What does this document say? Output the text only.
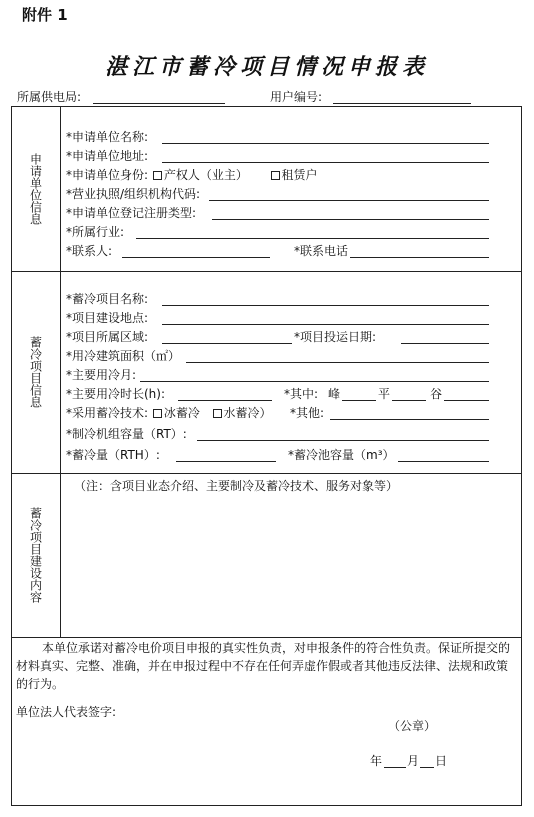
附件 1
湛江市蓄冷项目情况申报表
所属供电局:	用户编号:
申请单位信息
蓄冷项目信息
蓄冷项目建设内容
*申请单位名称:
*申请单位地址:
*申请单位身份: 产权人（业主）	租赁户
*营业执照/组织机构代码:
*申请单位登记注册类型:
*所属行业:
*联系人:	*联系电话
*蓄冷项目名称:
*项目建设地点:
*项目所属区域:	*项目投运日期:
*用冷建筑面积（㎡）
*主要用冷月:
*主要用冷时长(h):	*其中: 峰	平	谷
*采用蓄冷技术: 冰蓄冷 水蓄冷） *其他:
*制冷机组容量（RT）:
*蓄冷量（RTH）:	*蓄冷池容量（m³）
（注：含项目业态介绍、主要制冷及蓄冷技术、服务对象等）
本单位承诺对蓄冷电价项目申报的真实性负责，对申报条件的符合性负责。保证所提交的材料真实、完整、准确，并在申报过程中不存在任何弄虚作假或者其他违反法律、法规和政策的行为。
单位法人代表签字:
（公章）
年 月 日
